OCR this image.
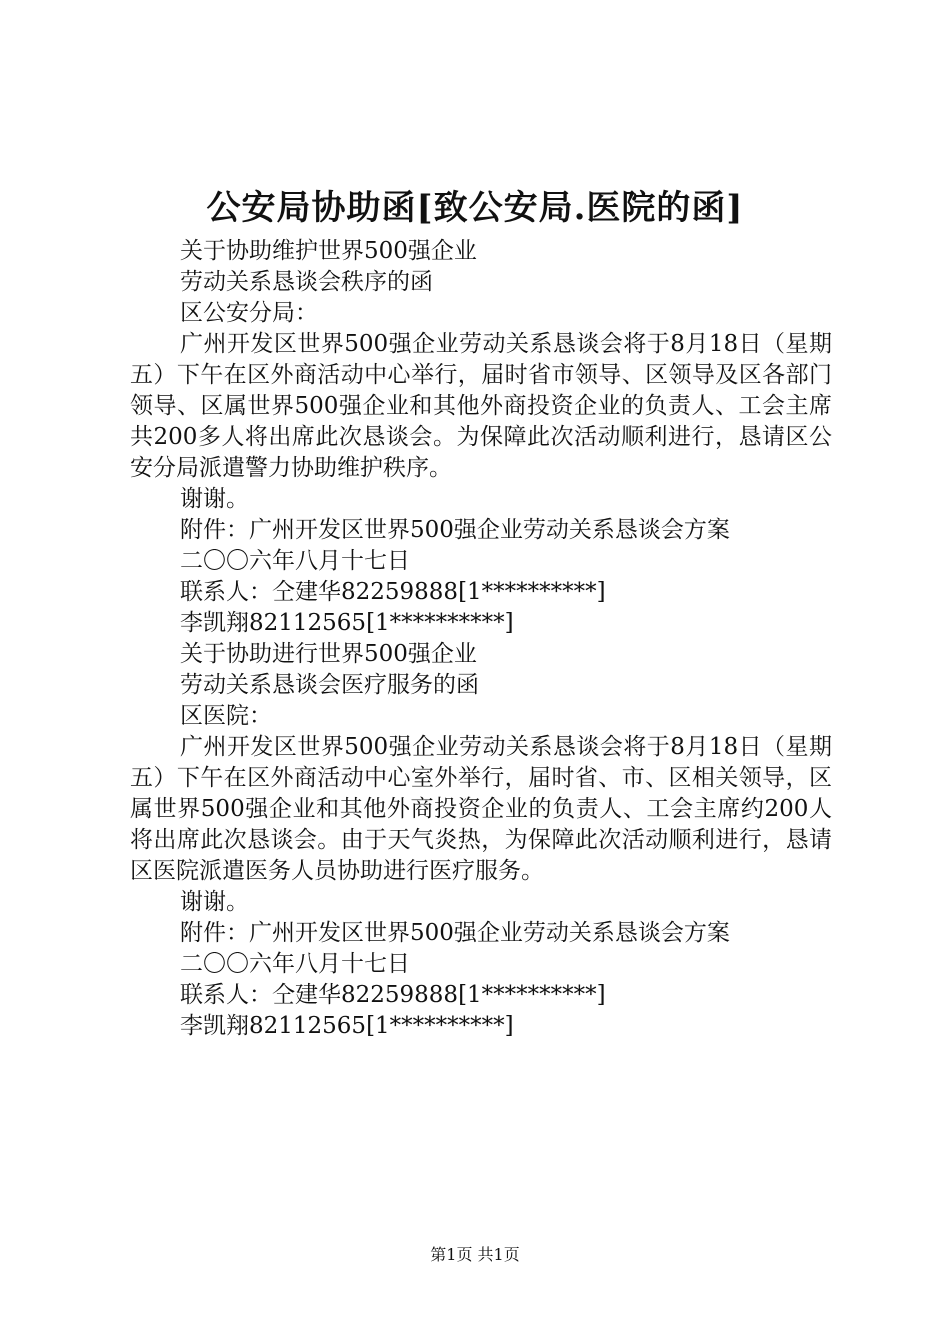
公安局协助函[致公安局.医院的函]
关于协助维护世界500强企业
劳动关系恳谈会秩序的函
区公安分局：
广州开发区世界500强企业劳动关系恳谈会将于8月18日（星期五）下午在区外商活动中心举行，届时省市领导、区领导及区各部门领导、区属世界500强企业和其他外商投资企业的负责人、工会主席共200多人将出席此次恳谈会。为保障此次活动顺利进行，恳请区公安分局派遣警力协助维护秩序。
谢谢。
附件：广州开发区世界500强企业劳动关系恳谈会方案
二〇〇六年八月十七日
联系人：仝建华82259888[1**********]
李凯翔82112565[1**********]
关于协助进行世界500强企业
劳动关系恳谈会医疗服务的函
区医院：
广州开发区世界500强企业劳动关系恳谈会将于8月18日（星期五）下午在区外商活动中心室外举行，届时省、市、区相关领导，区属世界500强企业和其他外商投资企业的负责人、工会主席约200人将出席此次恳谈会。由于天气炎热，为保障此次活动顺利进行，恳请区医院派遣医务人员协助进行医疗服务。
谢谢。
附件：广州开发区世界500强企业劳动关系恳谈会方案
二〇〇六年八月十七日
联系人：仝建华82259888[1**********]
李凯翔82112565[1**********]
第1页 共1页
